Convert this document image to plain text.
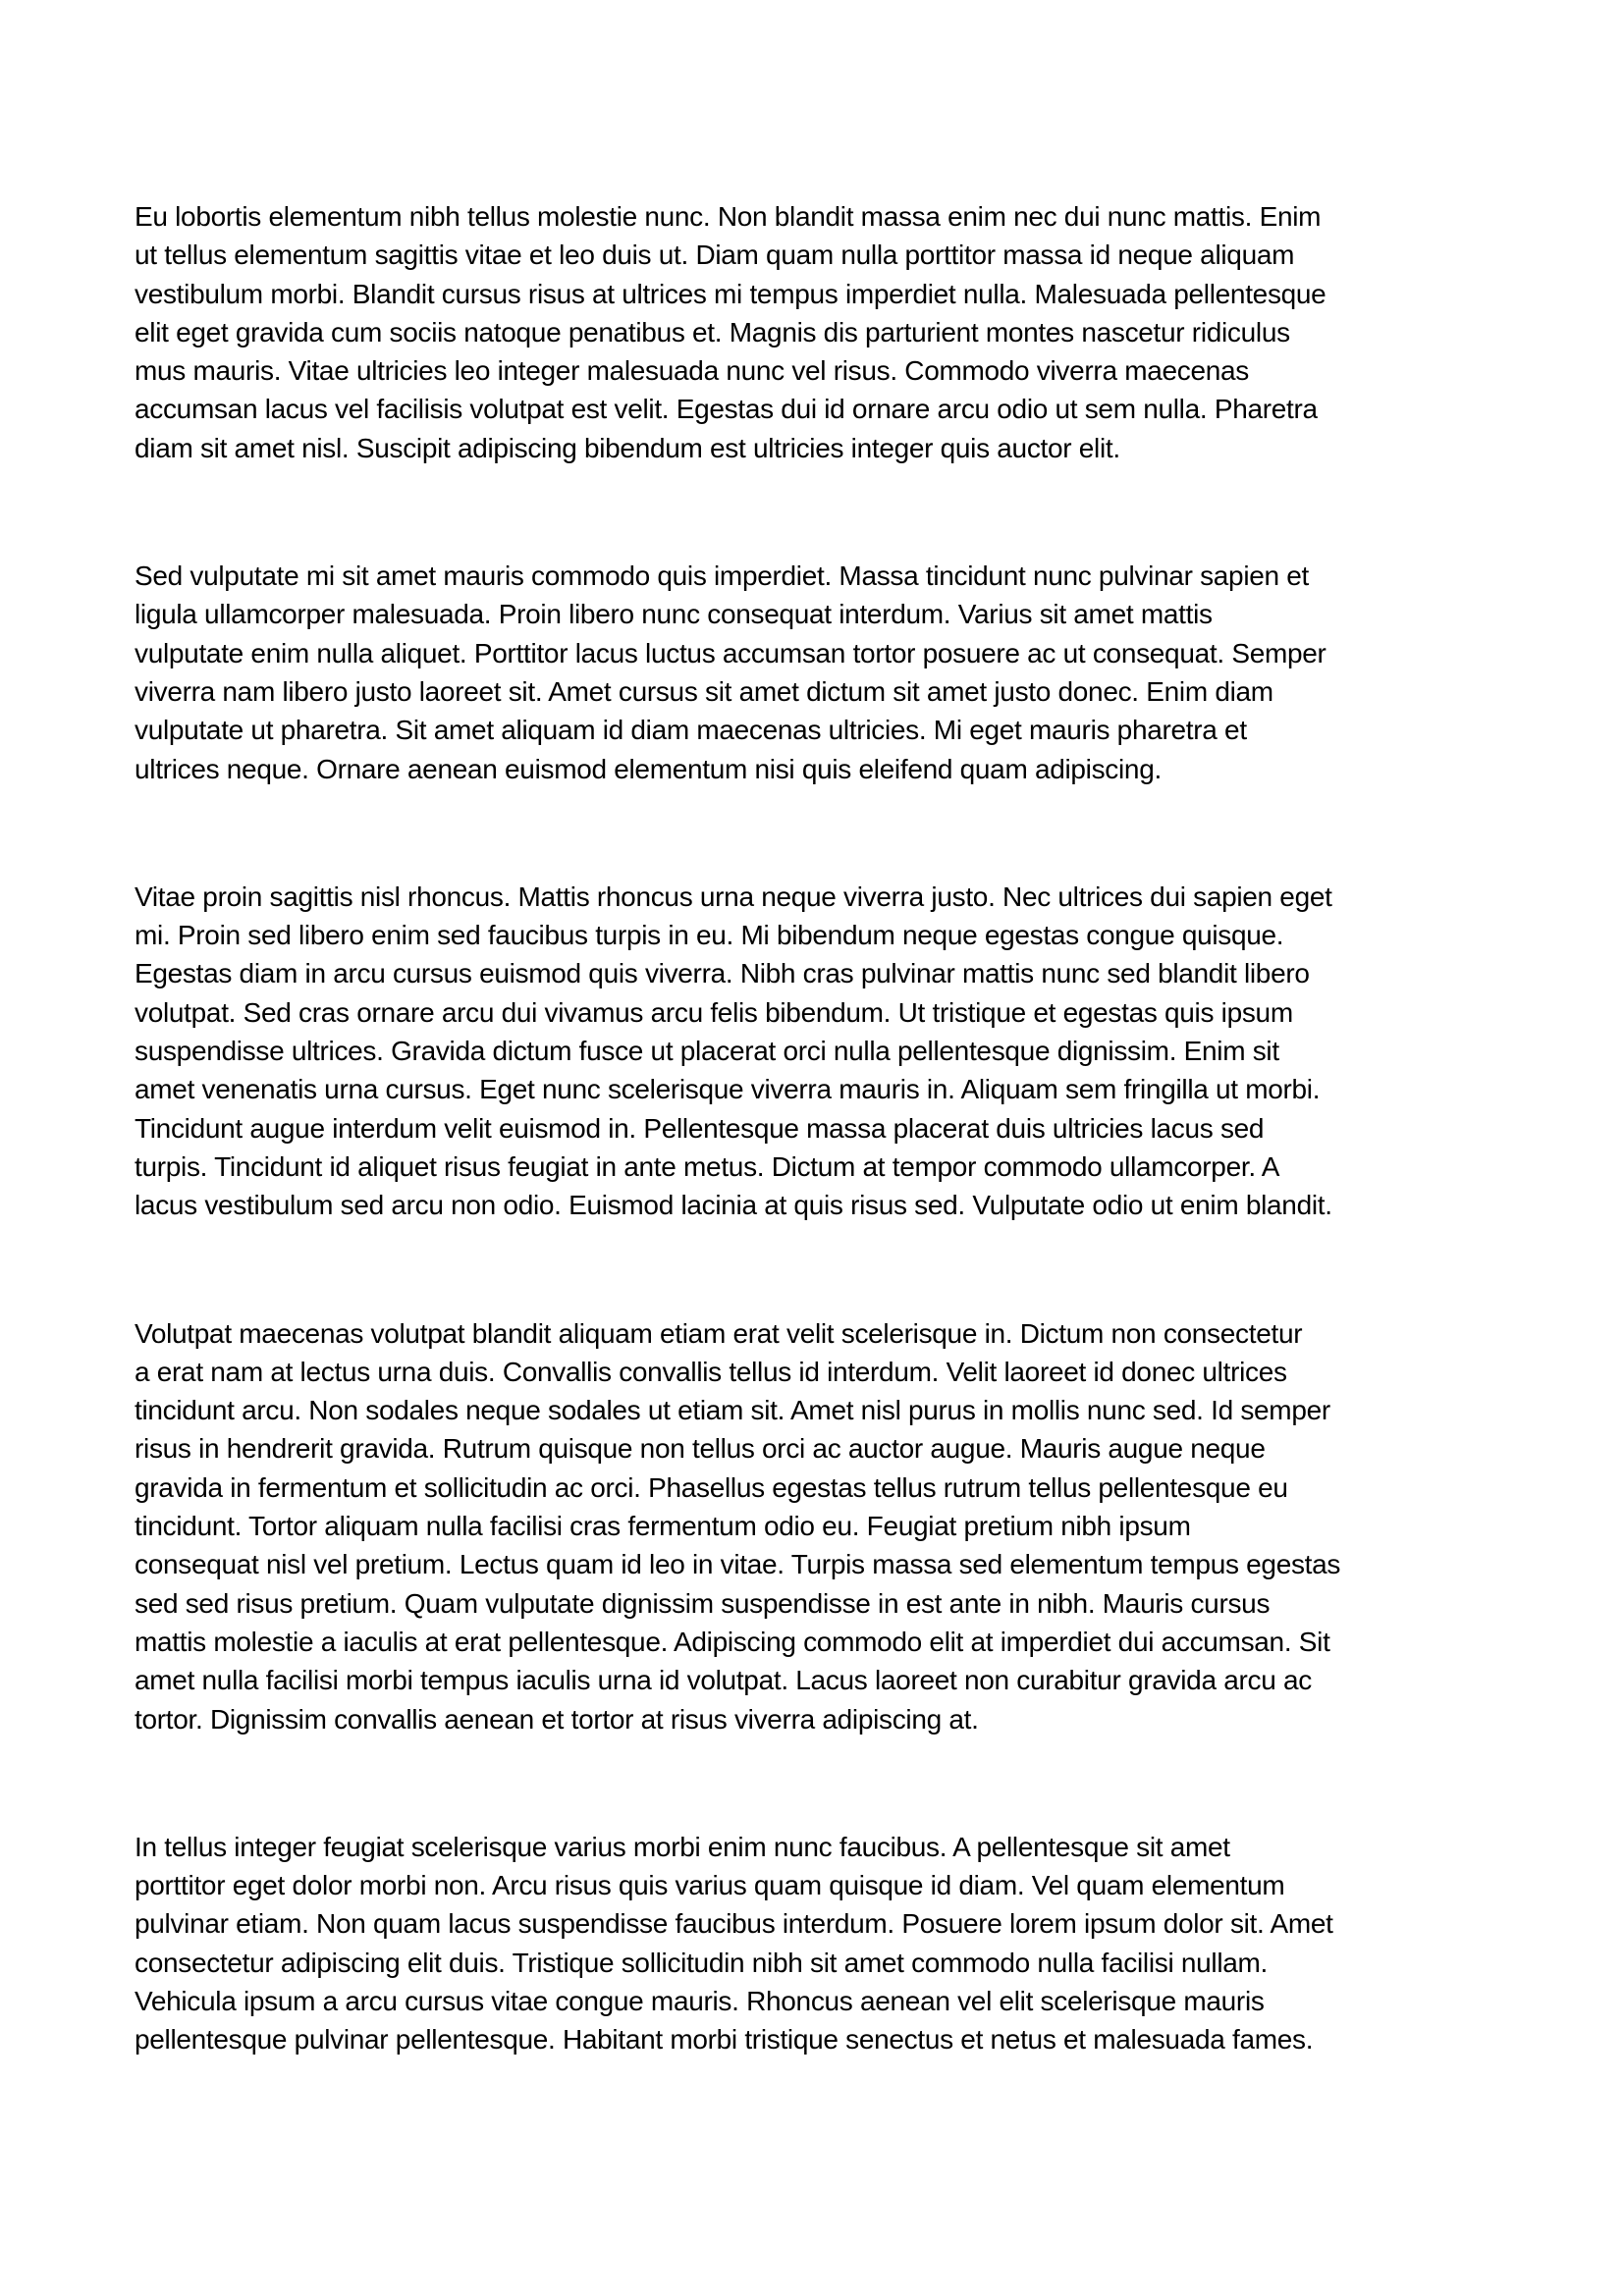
Eu lobortis elementum nibh tellus molestie nunc. Non blandit massa enim nec dui nunc mattis. Enim
ut tellus elementum sagittis vitae et leo duis ut. Diam quam nulla porttitor massa id neque aliquam
vestibulum morbi. Blandit cursus risus at ultrices mi tempus imperdiet nulla. Malesuada pellentesque
elit eget gravida cum sociis natoque penatibus et. Magnis dis parturient montes nascetur ridiculus
mus mauris. Vitae ultricies leo integer malesuada nunc vel risus. Commodo viverra maecenas
accumsan lacus vel facilisis volutpat est velit. Egestas dui id ornare arcu odio ut sem nulla. Pharetra
diam sit amet nisl. Suscipit adipiscing bibendum est ultricies integer quis auctor elit.

Sed vulputate mi sit amet mauris commodo quis imperdiet. Massa tincidunt nunc pulvinar sapien et
ligula ullamcorper malesuada. Proin libero nunc consequat interdum. Varius sit amet mattis
vulputate enim nulla aliquet. Porttitor lacus luctus accumsan tortor posuere ac ut consequat. Semper
viverra nam libero justo laoreet sit. Amet cursus sit amet dictum sit amet justo donec. Enim diam
vulputate ut pharetra. Sit amet aliquam id diam maecenas ultricies. Mi eget mauris pharetra et
ultrices neque. Ornare aenean euismod elementum nisi quis eleifend quam adipiscing.

Vitae proin sagittis nisl rhoncus. Mattis rhoncus urna neque viverra justo. Nec ultrices dui sapien eget
mi. Proin sed libero enim sed faucibus turpis in eu. Mi bibendum neque egestas congue quisque.
Egestas diam in arcu cursus euismod quis viverra. Nibh cras pulvinar mattis nunc sed blandit libero
volutpat. Sed cras ornare arcu dui vivamus arcu felis bibendum. Ut tristique et egestas quis ipsum
suspendisse ultrices. Gravida dictum fusce ut placerat orci nulla pellentesque dignissim. Enim sit
amet venenatis urna cursus. Eget nunc scelerisque viverra mauris in. Aliquam sem fringilla ut morbi.
Tincidunt augue interdum velit euismod in. Pellentesque massa placerat duis ultricies lacus sed
turpis. Tincidunt id aliquet risus feugiat in ante metus. Dictum at tempor commodo ullamcorper. A
lacus vestibulum sed arcu non odio. Euismod lacinia at quis risus sed. Vulputate odio ut enim blandit.

Volutpat maecenas volutpat blandit aliquam etiam erat velit scelerisque in. Dictum non consectetur
a erat nam at lectus urna duis. Convallis convallis tellus id interdum. Velit laoreet id donec ultrices
tincidunt arcu. Non sodales neque sodales ut etiam sit. Amet nisl purus in mollis nunc sed. Id semper
risus in hendrerit gravida. Rutrum quisque non tellus orci ac auctor augue. Mauris augue neque
gravida in fermentum et sollicitudin ac orci. Phasellus egestas tellus rutrum tellus pellentesque eu
tincidunt. Tortor aliquam nulla facilisi cras fermentum odio eu. Feugiat pretium nibh ipsum
consequat nisl vel pretium. Lectus quam id leo in vitae. Turpis massa sed elementum tempus egestas
sed sed risus pretium. Quam vulputate dignissim suspendisse in est ante in nibh. Mauris cursus
mattis molestie a iaculis at erat pellentesque. Adipiscing commodo elit at imperdiet dui accumsan. Sit
amet nulla facilisi morbi tempus iaculis urna id volutpat. Lacus laoreet non curabitur gravida arcu ac
tortor. Dignissim convallis aenean et tortor at risus viverra adipiscing at.

In tellus integer feugiat scelerisque varius morbi enim nunc faucibus. A pellentesque sit amet
porttitor eget dolor morbi non. Arcu risus quis varius quam quisque id diam. Vel quam elementum
pulvinar etiam. Non quam lacus suspendisse faucibus interdum. Posuere lorem ipsum dolor sit. Amet
consectetur adipiscing elit duis. Tristique sollicitudin nibh sit amet commodo nulla facilisi nullam.
Vehicula ipsum a arcu cursus vitae congue mauris. Rhoncus aenean vel elit scelerisque mauris
pellentesque pulvinar pellentesque. Habitant morbi tristique senectus et netus et malesuada fames.
